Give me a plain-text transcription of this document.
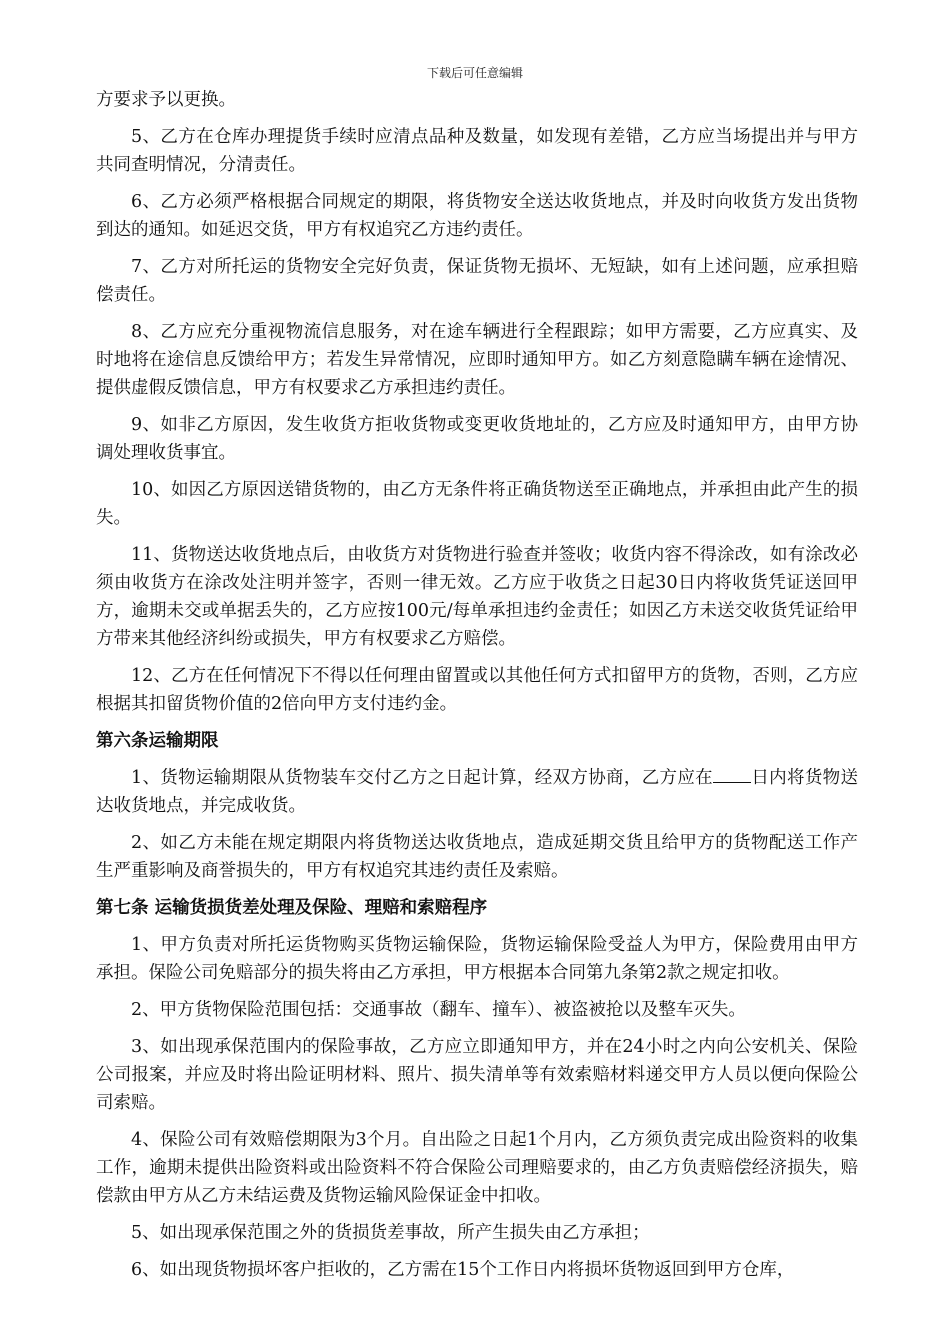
下载后可任意编辑

方要求予以更换。

5、乙方在仓库办理提货手续时应清点品种及数量，如发现有差错，乙方应当场提出并与甲方共同查明情况，分清责任。

6、乙方必须严格根据合同规定的期限，将货物安全送达收货地点，并及时向收货方发出货物到达的通知。如延迟交货，甲方有权追究乙方违约责任。

7、乙方对所托运的货物安全完好负责，保证货物无损坏、无短缺，如有上述问题，应承担赔偿责任。

8、乙方应充分重视物流信息服务，对在途车辆进行全程跟踪；如甲方需要，乙方应真实、及时地将在途信息反馈给甲方；若发生异常情况，应即时通知甲方。如乙方刻意隐瞒车辆在途情况、提供虚假反馈信息，甲方有权要求乙方承担违约责任。

9、如非乙方原因，发生收货方拒收货物或变更收货地址的，乙方应及时通知甲方，由甲方协调处理收货事宜。

10、如因乙方原因送错货物的，由乙方无条件将正确货物送至正确地点，并承担由此产生的损失。

11、货物送达收货地点后，由收货方对货物进行验查并签收；收货内容不得涂改，如有涂改必须由收货方在涂改处注明并签字，否则一律无效。乙方应于收货之日起30日内将收货凭证送回甲方，逾期未交或单据丢失的，乙方应按100元/每单承担违约金责任；如因乙方未送交收货凭证给甲方带来其他经济纠纷或损失，甲方有权要求乙方赔偿。

12、乙方在任何情况下不得以任何理由留置或以其他任何方式扣留甲方的货物，否则，乙方应根据其扣留货物价值的2倍向甲方支付违约金。

第六条运输期限

1、货物运输期限从货物装车交付乙方之日起计算，经双方协商，乙方应在 日内将货物送达收货地点，并完成收货。

2、如乙方未能在规定期限内将货物送达收货地点，造成延期交货且给甲方的货物配送工作产生严重影响及商誉损失的，甲方有权追究其违约责任及索赔。

第七条 运输货损货差处理及保险、理赔和索赔程序

1、甲方负责对所托运货物购买货物运输保险，货物运输保险受益人为甲方，保险费用由甲方承担。保险公司免赔部分的损失将由乙方承担，甲方根据本合同第九条第2款之规定扣收。

2、甲方货物保险范围包括：交通事故（翻车、撞车）、被盗被抢以及整车灭失。

3、如出现承保范围内的保险事故，乙方应立即通知甲方，并在24小时之内向公安机关、保险公司报案，并应及时将出险证明材料、照片、损失清单等有效索赔材料递交甲方人员以便向保险公司索赔。

4、保险公司有效赔偿期限为3个月。自出险之日起1个月内，乙方须负责完成出险资料的收集工作，逾期未提供出险资料或出险资料不符合保险公司理赔要求的，由乙方负责赔偿经济损失，赔偿款由甲方从乙方未结运费及货物运输风险保证金中扣收。

5、如出现承保范围之外的货损货差事故，所产生损失由乙方承担；

6、如出现货物损坏客户拒收的，乙方需在15个工作日内将损坏货物返回到甲方仓库，
